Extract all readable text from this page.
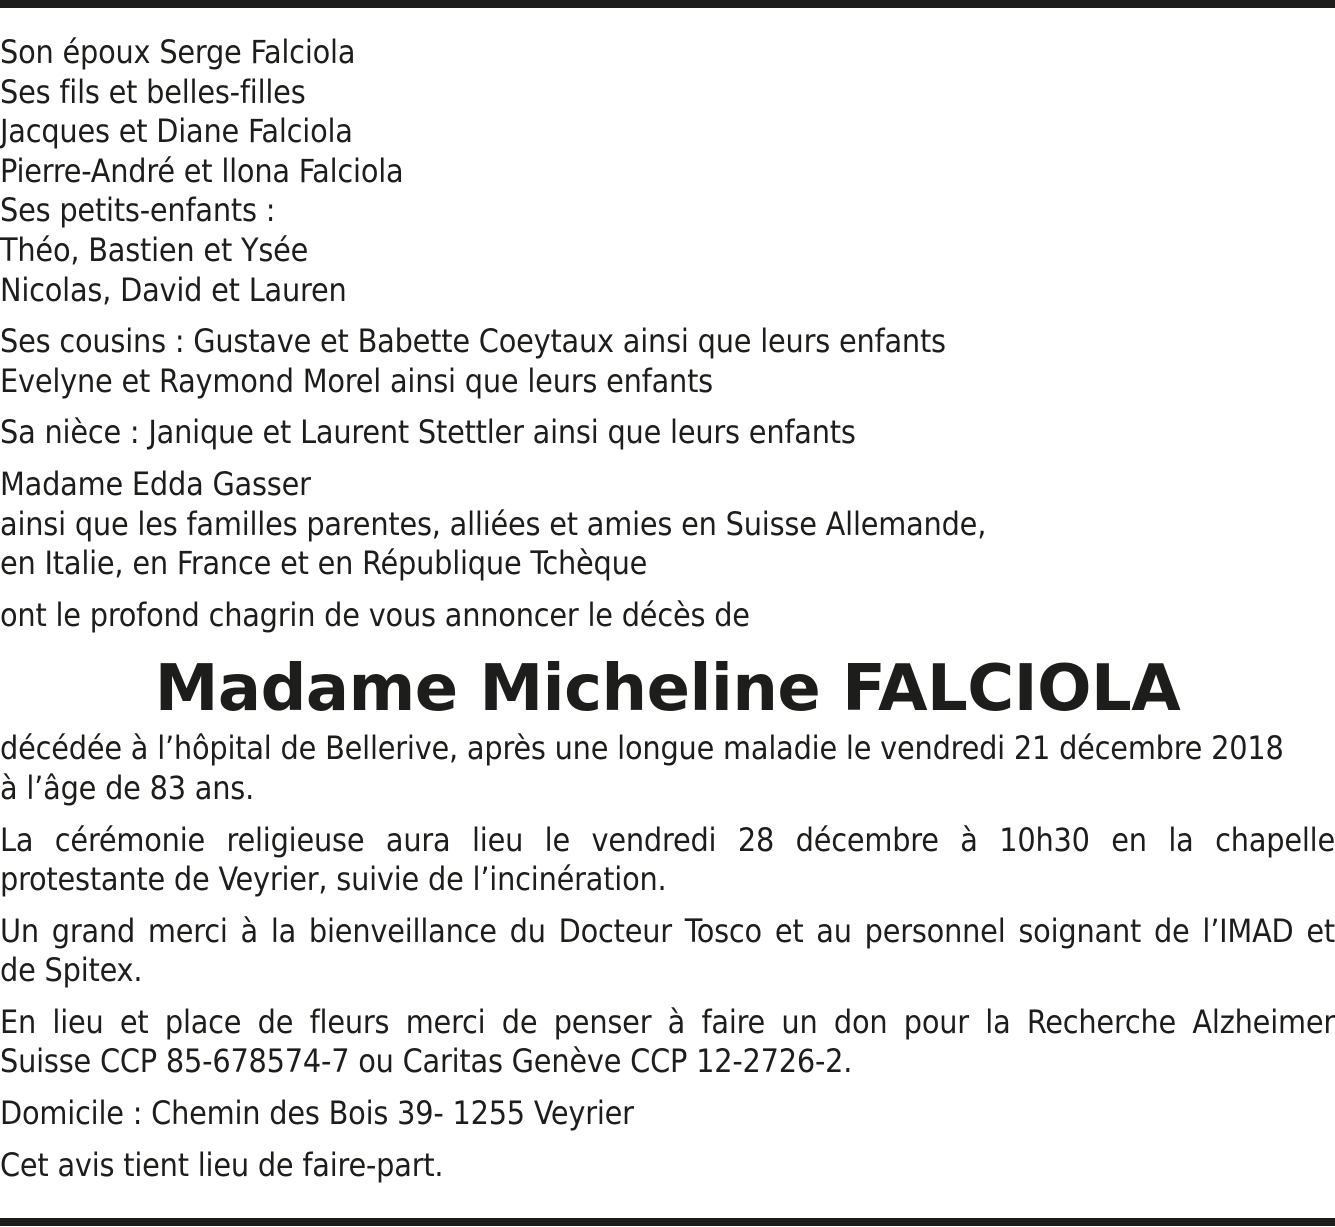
Son époux Serge Falciola
Ses fils et belles-filles
Jacques et Diane Falciola
Pierre-André et llona Falciola
Ses petits-enfants :
Théo, Bastien et Ysée
Nicolas, David et Lauren
Ses cousins : Gustave et Babette Coeytaux ainsi que leurs enfants
Evelyne et Raymond Morel ainsi que leurs enfants
Sa nièce : Janique et Laurent Stettler ainsi que leurs enfants
Madame Edda Gasser
ainsi que les familles parentes, alliées et amies en Suisse Allemande,
en Italie, en France et en République Tchèque
ont le profond chagrin de vous annoncer le décès de
Madame Micheline FALCIOLA
décédée à l’hôpital de Bellerive, après une longue maladie le vendredi 21 décembre 2018
à l’âge de 83 ans.
La cérémonie religieuse aura lieu le vendredi 28 décembre à 10h30 en la chapelle
protestante de Veyrier, suivie de l’incinération.
Un grand merci à la bienveillance du Docteur Tosco et au personnel soignant de l’IMAD et
de Spitex.
En lieu et place de fleurs merci de penser à faire un don pour la Recherche Alzheimer
Suisse CCP 85-678574-7 ou Caritas Genève CCP 12-2726-2.
Domicile : Chemin des Bois 39- 1255 Veyrier
Cet avis tient lieu de faire-part.
